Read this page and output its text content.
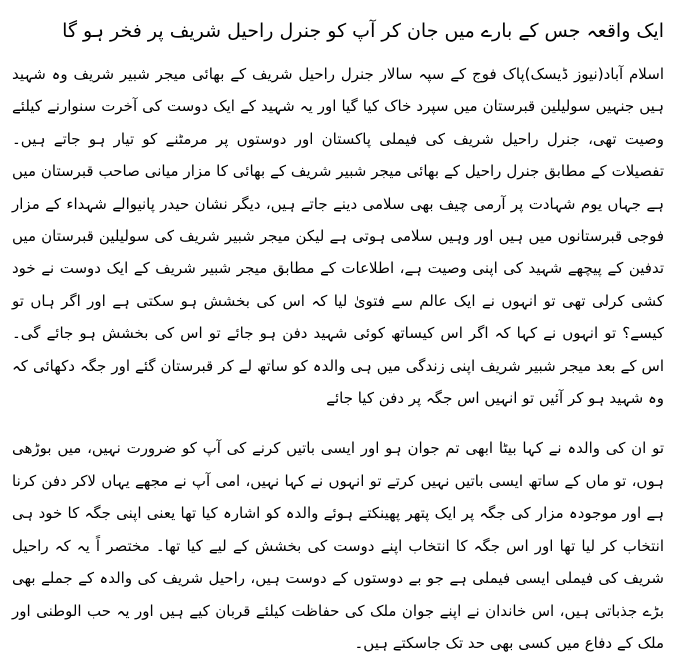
ایک واقعہ جس کے بارے میں جان کر آپ کو جنرل راحیل شریف پر فخر ہو گا

اسلام آباد(نیوز ڈیسک)پاک فوج کے سپہ سالار جنرل راحیل شریف کے بھائی میجر شبیر شریف وہ شہید ہیں جنہیں سولیلین قبرستان میں سپرد خاک کیا گیا اور یہ شہید کے ایک دوست کی آخرت سنوارنے کیلئے وصیت تھی، جنرل راحیل شریف کی فیملی پاکستان اور دوستوں پر مرمٹنے کو تیار ہو جاتے ہیں۔ تفصیلات کے مطابق جنرل راحیل کے بھائی میجر شبیر شریف کے بھائی کا مزار میانی صاحب قبرستان میں ہے جہاں یوم شہادت پر آرمی چیف بھی سلامی دینے جاتے ہیں، دیگر نشان حیدر پانیوالے شہداء کے مزار فوجی قبرستانوں میں ہیں اور وہیں سلامی ہوتی ہے لیکن میجر شبیر شریف کی سولیلین قبرستان میں تدفین کے پیچھے شہید کی اپنی وصیت ہے، اطلاعات کے مطابق میجر شبیر شریف کے ایک دوست نے خود کشی کرلی تھی تو انہوں نے ایک عالم سے فتویٰ لیا کہ اس کی بخشش ہو سکتی ہے اور اگر ہاں تو کیسے؟ تو انہوں نے کہا کہ اگر اس کیساتھ کوئی شہید دفن ہو جائے تو اس کی بخشش ہو جائے گی۔ اس کے بعد میجر شبیر شریف اپنی زندگی میں ہی والدہ کو ساتھ لے کر قبرستان گئے اور جگہ دکھائی کہ وہ شہید ہو کر آئیں تو انہیں اس جگہ پر دفن کیا جائے

تو ان کی والدہ نے کہا بیٹا ابھی تم جوان ہو اور ایسی باتیں کرنے کی آپ کو ضرورت نہیں، میں بوڑھی ہوں، تو ماں کے ساتھ ایسی باتیں نہیں کرتے تو انہوں نے کہا نہیں، امی آپ نے مجھے یہاں لاکر دفن کرنا ہے اور موجودہ مزار کی جگہ پر ایک پتھر پھینکتے ہوئے والدہ کو اشارہ کیا تھا یعنی اپنی جگہ کا خود ہی انتخاب کر لیا تھا اور اس جگہ کا انتخاب اپنے دوست کی بخشش کے لیے کیا تھا۔ مختصر اً یہ کہ راحیل شریف کی فیملی ایسی فیملی ہے جو بے دوستوں کے دوست ہیں، راحیل شریف کی والدہ کے جملے بھی بڑے جذباتی ہیں، اس خاندان نے اپنے جوان ملک کی حفاظت کیلئے قربان کیے ہیں اور یہ حب الوطنی اور ملک کے دفاع میں کسی بھی حد تک جاسکتے ہیں۔
